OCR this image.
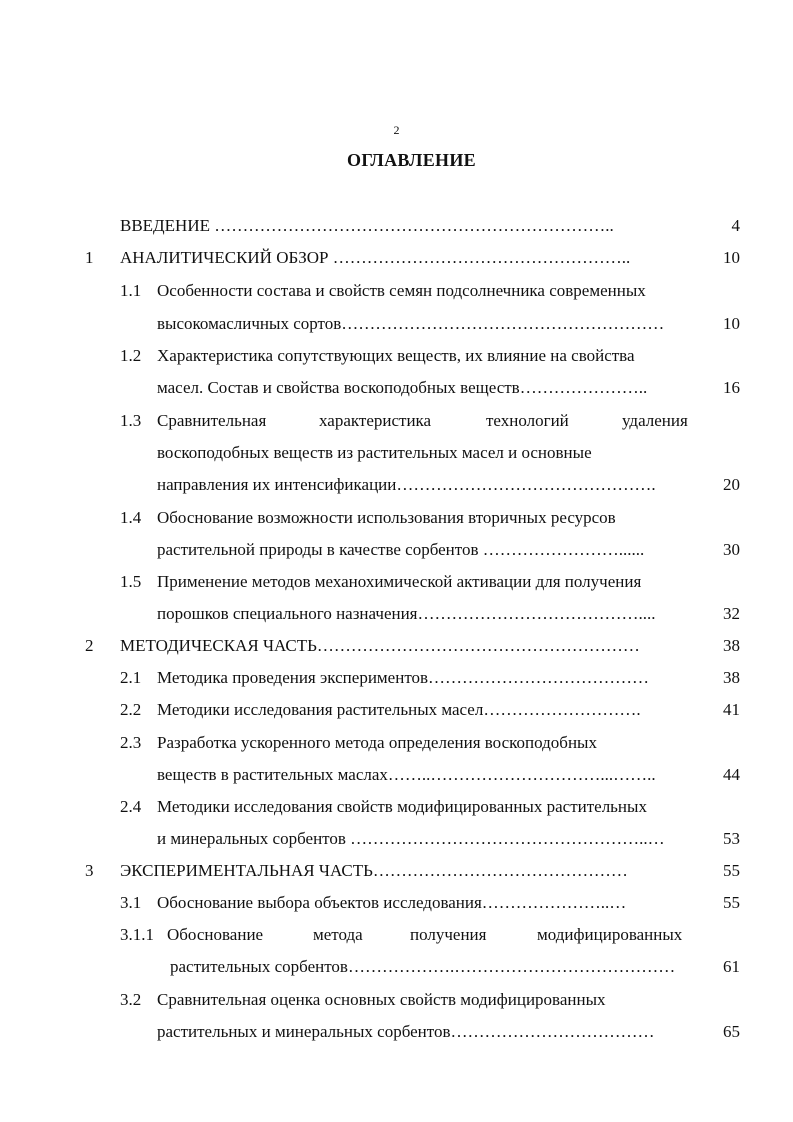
2
ОГЛАВЛЕНИЕ
ВВЕДЕНИЕ ……………………………………………………………..	4
1 АНАЛИТИЧЕСКИЙ ОБЗОР ……………………………………………..	10
1.1 Особенности состава и свойств семян подсолнечника современных
высокомасличных сортов…………………………………………………	10
1.2 Характеристика сопутствующих веществ, их влияние на свойства
масел. Состав и свойства воскоподобных веществ…………………..	16
1.3 Сравнительная	характеристика	технологий	удаления
воскоподобных веществ из растительных масел и основные
направления их интенсификации……………………………………….	20
1.4 Обоснование возможности использования вторичных ресурсов
растительной природы в качестве сорбентов ……………………......	30
1.5 Применение методов механохимической активации для получения
порошков специального назначения…………………………………....	32
2 МЕТОДИЧЕСКАЯ ЧАСТЬ…………………………………………………	38
2.1 Методика проведения экспериментов…………………………………	38
2.2 Методики исследования растительных масел……………………….	41
2.3 Разработка ускоренного метода определения воскоподобных
веществ в растительных маслах……..…………………………...……..	44
2.4 Методики исследования свойств модифицированных растительных
и минеральных сорбентов ……………………………………………..…	53
3 ЭКСПЕРИМЕНТАЛЬНАЯ ЧАСТЬ………………………………………	55
3.1 Обоснование выбора объектов исследования…………………..…	55
3.1.1 Обоснование	метода	получения	модифицированных
растительных сорбентов……………….…………………………………	61
3.2 Сравнительная оценка основных свойств модифицированных
растительных и минеральных сорбентов………………………………	65
